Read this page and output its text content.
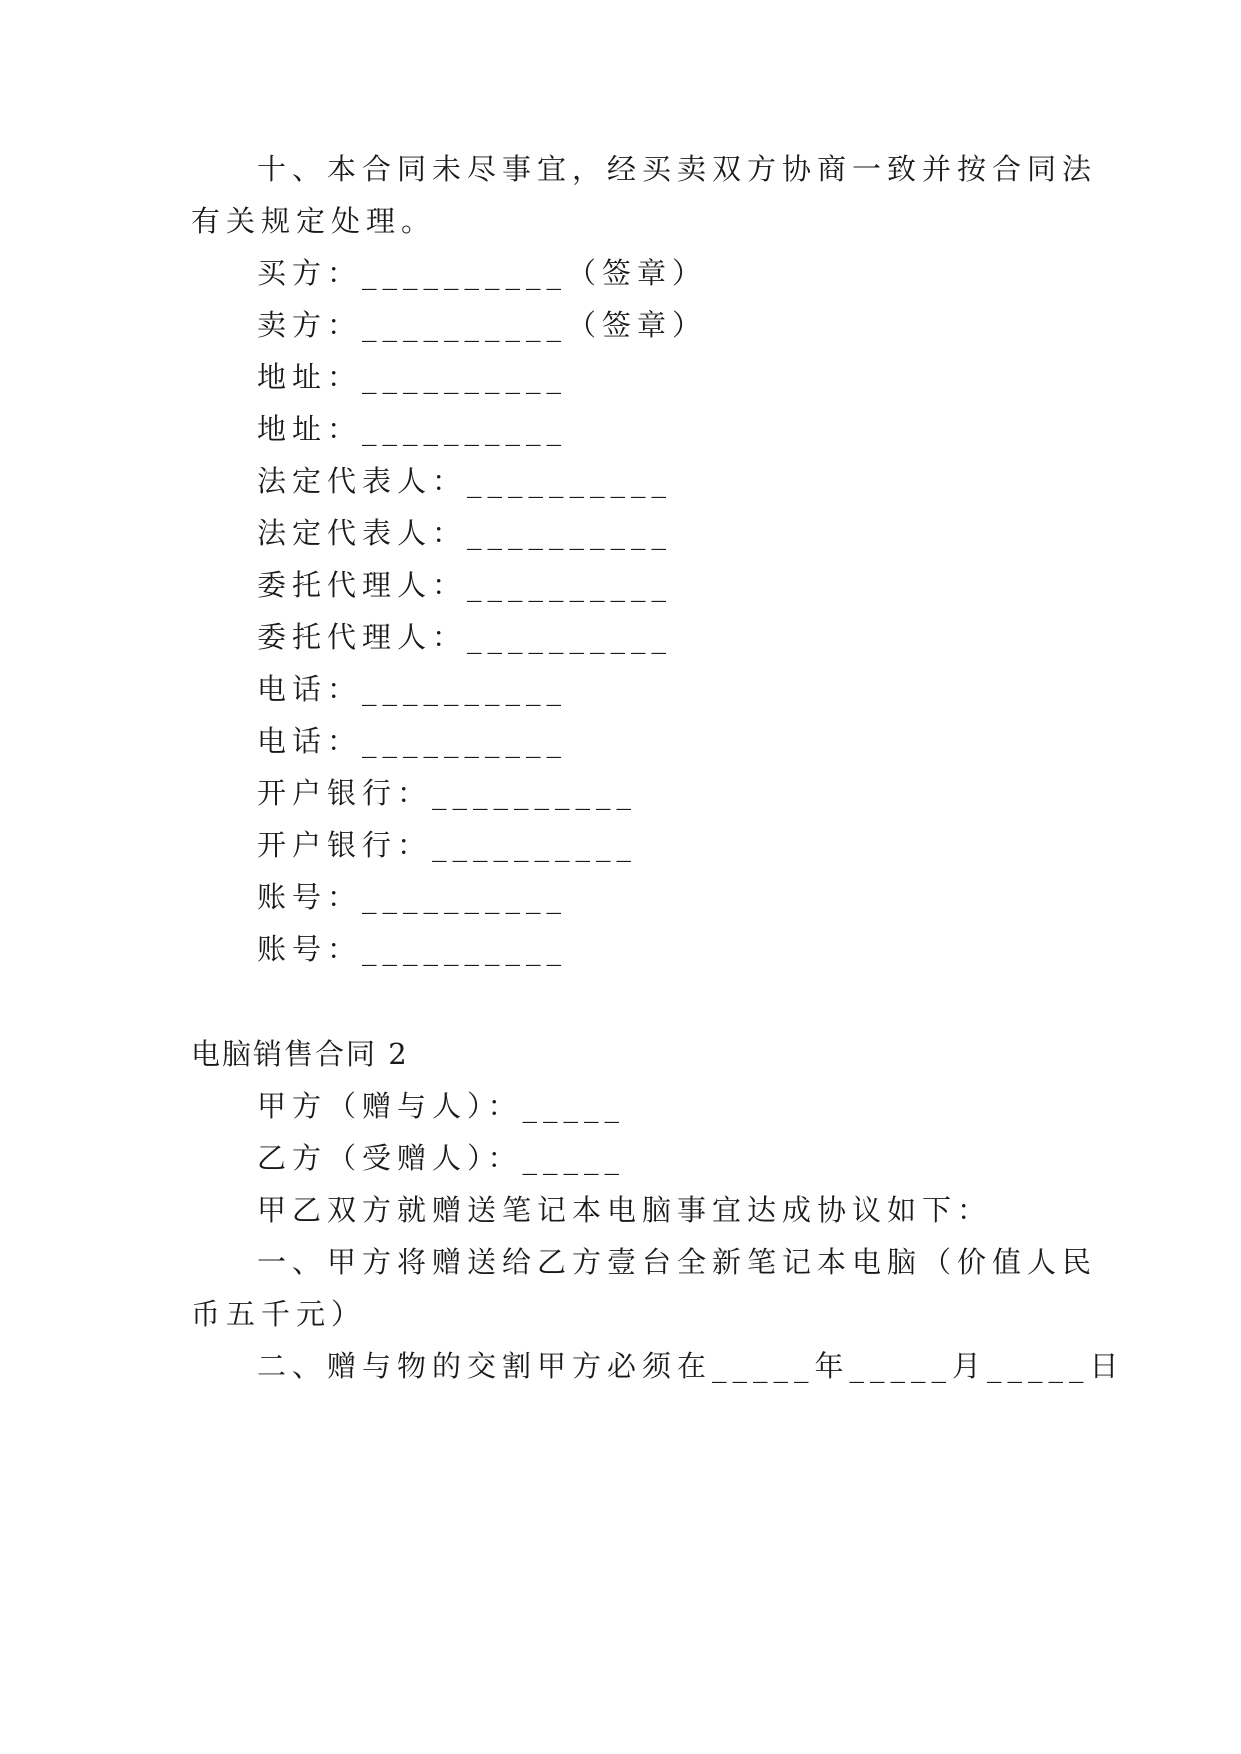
十、本合同未尽事宜，经买卖双方协商一致并按合同法
有关规定处理。
买方：__________（签章）
卖方：__________（签章）
地址：__________
地址：__________
法定代表人：__________
法定代表人：__________
委托代理人：__________
委托代理人：__________
电话：__________
电话：__________
开户银行：__________
开户银行：__________
账号：__________
账号：__________
电脑销售合同 2
甲方（赠与人）：_____
乙方（受赠人）：_____
甲乙双方就赠送笔记本电脑事宜达成协议如下：
一、甲方将赠送给乙方壹台全新笔记本电脑（价值人民
币五千元）
二、赠与物的交割甲方必须在_____年_____月_____日
